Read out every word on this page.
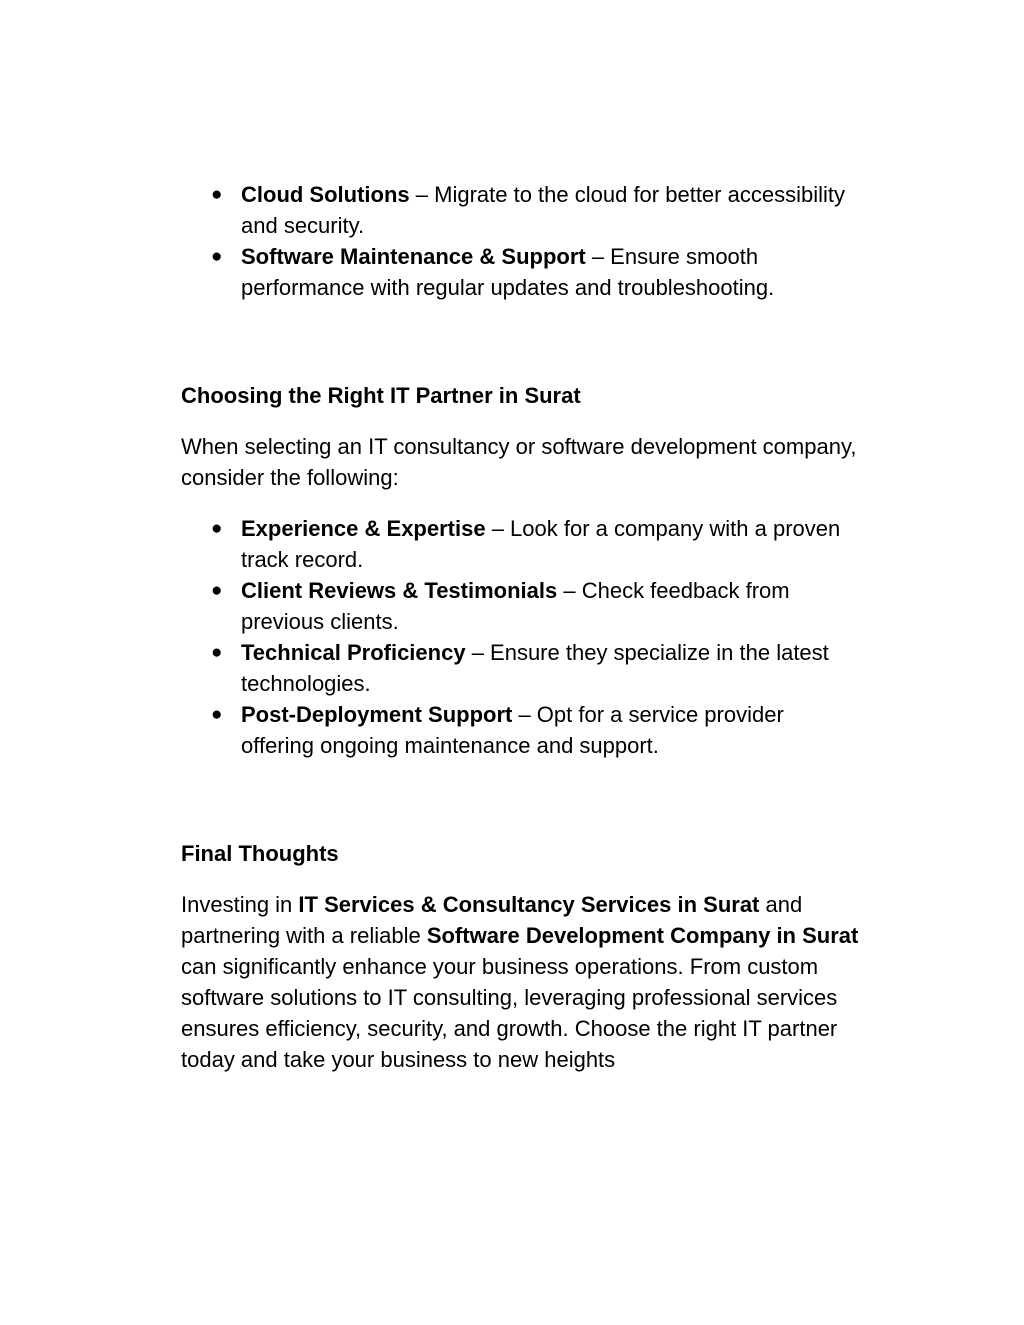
● Cloud Solutions – Migrate to the cloud for better accessibility and security.
● Software Maintenance & Support – Ensure smooth performance with regular updates and troubleshooting.
Choosing the Right IT Partner in Surat

When selecting an IT consultancy or software development company, consider the following:

● Experience & Expertise – Look for a company with a proven track record.
● Client Reviews & Testimonials – Check feedback from previous clients.
● Technical Proficiency – Ensure they specialize in the latest technologies.
● Post-Deployment Support – Opt for a service provider offering ongoing maintenance and support.
Final Thoughts

Investing in IT Services & Consultancy Services in Surat and partnering with a reliable Software Development Company in Surat can significantly enhance your business operations. From custom software solutions to IT consulting, leveraging professional services ensures efficiency, security, and growth. Choose the right IT partner today and take your business to new heights
